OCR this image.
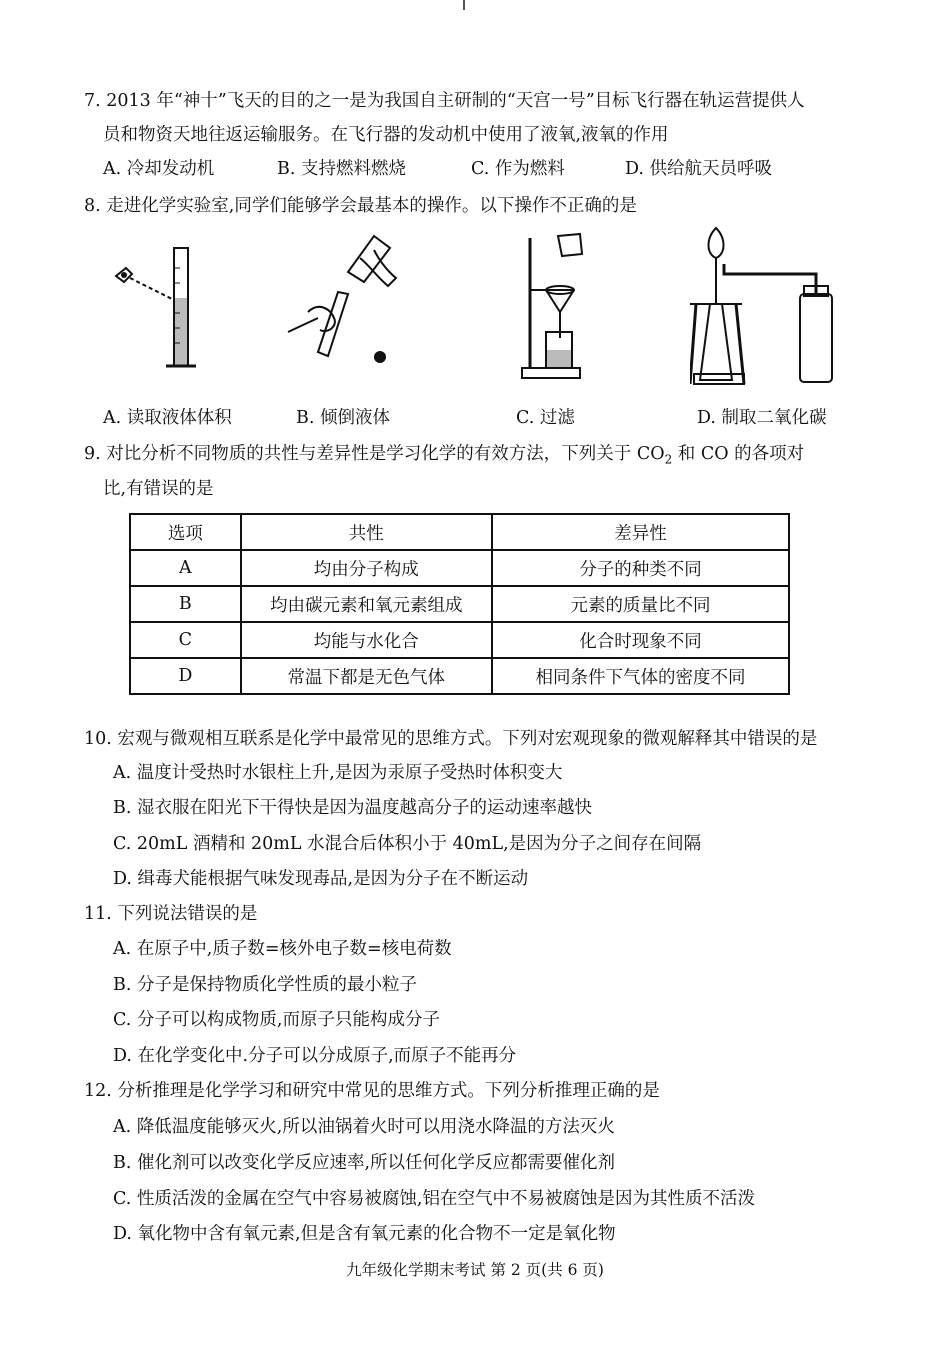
7. 2013 年“神十”飞天的目的之一是为我国自主研制的“天宫一号”目标飞行器在轨运营提供人
员和物资天地往返运输服务。在飞行器的发动机中使用了液氧,液氧的作用
A. 冷却发动机	B. 支持燃料燃烧	C. 作为燃料	D. 供给航天员呼吸
8. 走进化学实验室,同学们能够学会最基本的操作。以下操作不正确的是
A. 读取液体体积	B. 倾倒液体	C. 过滤	D. 制取二氧化碳
9. 对比分析不同物质的共性与差异性是学习化学的有效方法，下列关于 $CO_2$ 和 CO 的各项对
比,有错误的是
选项	共性	差异性
A	均由分子构成	分子的种类不同
B	均由碳元素和氧元素组成	元素的质量比不同
C	均能与水化合	化合时现象不同
D	常温下都是无色气体	相同条件下气体的密度不同
10. 宏观与微观相互联系是化学中最常见的思维方式。下列对宏观现象的微观解释其中错误的是
A. 温度计受热时水银柱上升,是因为汞原子受热时体积变大
B. 湿衣服在阳光下干得快是因为温度越高分子的运动速率越快
C. 20mL 酒精和 20mL 水混合后体积小于 40mL,是因为分子之间存在间隔
D. 缉毒犬能根据气味发现毒品,是因为分子在不断运动
11. 下列说法错误的是
A. 在原子中,质子数=核外电子数=核电荷数
B. 分子是保持物质化学性质的最小粒子
C. 分子可以构成物质,而原子只能构成分子
D. 在化学变化中.分子可以分成原子,而原子不能再分
12. 分析推理是化学学习和研究中常见的思维方式。下列分析推理正确的是
A. 降低温度能够灭火,所以油锅着火时可以用浇水降温的方法灭火
B. 催化剂可以改变化学反应速率,所以任何化学反应都需要催化剂
C. 性质活泼的金属在空气中容易被腐蚀,铝在空气中不易被腐蚀是因为其性质不活泼
D. 氧化物中含有氧元素,但是含有氧元素的化合物不一定是氧化物
九年级化学期末考试 第 2 页(共 6 页)
